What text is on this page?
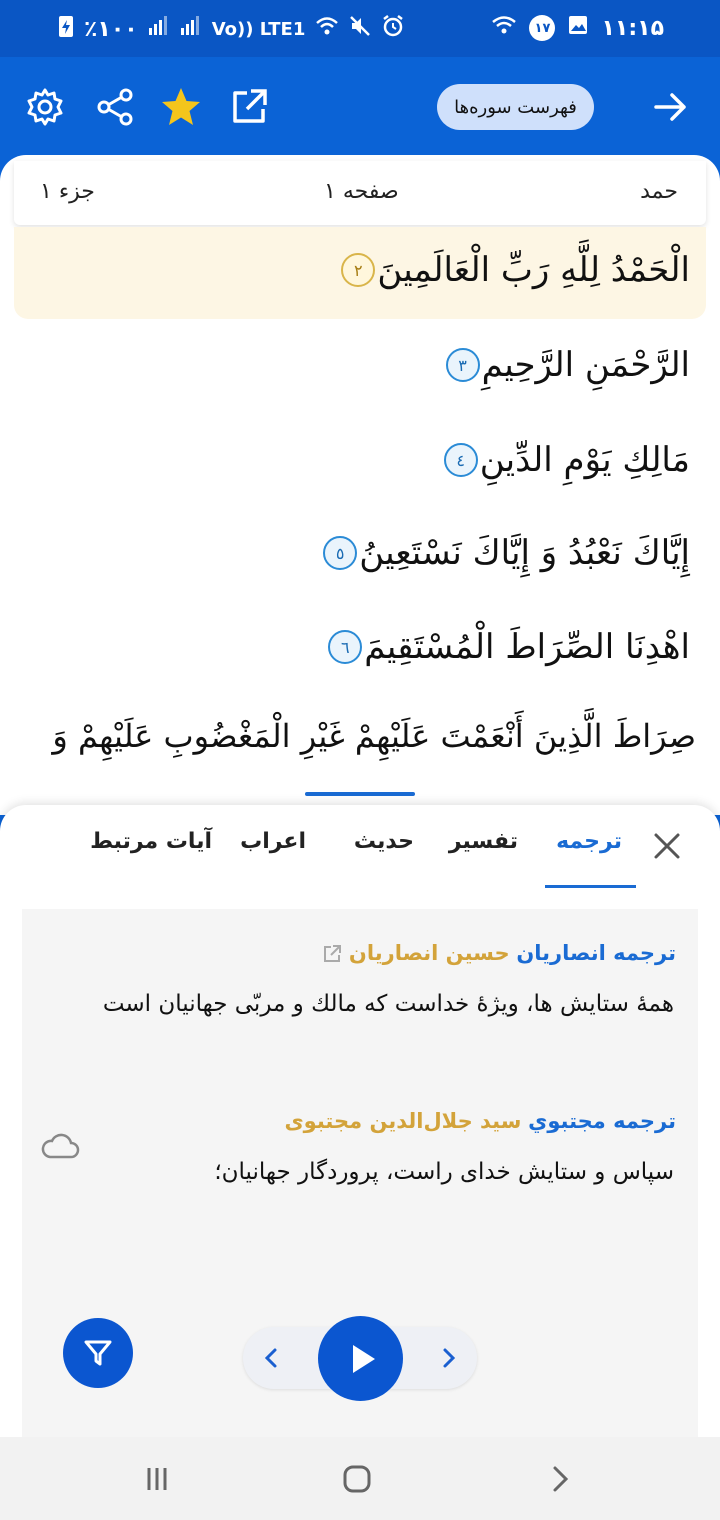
٪۱۰۰	Vo)) LTE1	۱۷ ۱۱:۱۵
فهرست سوره‌ها
حمد
صفحه ۱
جزء ۱
الْحَمْدُ لِلَّهِ رَبِّ الْعَالَمِينَ
۲
الرَّحْمَنِ الرَّحِيمِ
۳
مَالِكِ يَوْمِ الدِّينِ
٤
إِيَّاكَ نَعْبُدُ وَ إِيَّاكَ نَسْتَعِينُ
٥
اهْدِنَا الصِّرَاطَ الْمُسْتَقِيمَ
٦
صِرَاطَ الَّذِينَ أَنْعَمْتَ عَلَيْهِمْ غَيْرِ الْمَغْضُوبِ عَلَيْهِمْ وَ
ترجمه
تفسير
حديث
اعراب
آيات مرتبط
ترجمه انصاريان حسين انصاريان
همۀ ستایش ها، ویژۀ خداست که مالك و مربّی جهانیان است
ترجمه مجتبوي سيد جلال‌الدين مجتبوى
سپاس و ستايش خداى راست، پروردگار جهانيان؛
